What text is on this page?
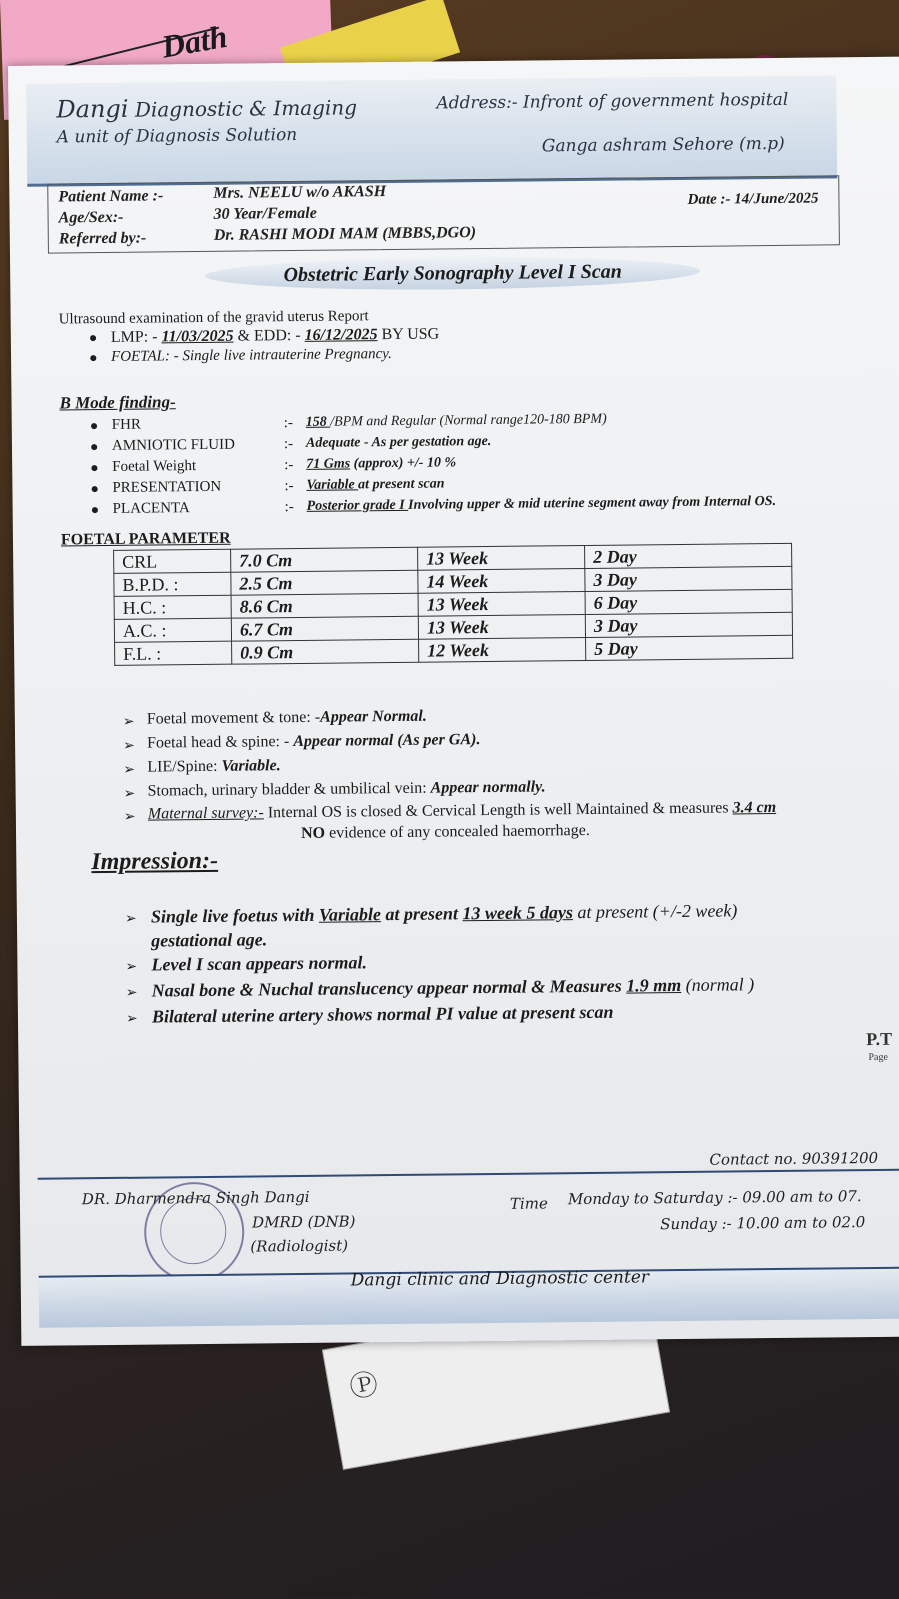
Dath
Ⓟ
Dangi Diagnostic & Imaging
A unit of Diagnosis Solution
Address:- Infront of government hospital
Ganga ashram Sehore (m.p)
Patient Name :-	Mrs. NEELU w/o AKASH
Age/Sex:-	30 Year/Female
Referred by:-	Dr. RASHI MODI MAM (MBBS,DGO)
Date :- 14/June/2025
Obstetric Early Sonography Level I Scan
Ultrasound examination of the gravid uterus Report
● LMP: - 11/03/2025 & EDD: - 16/12/2025 BY USG
● FOETAL: - Single live intrauterine Pregnancy.
B Mode finding-
● FHR	:- 158 /BPM and Regular (Normal range120-180 BPM)
● AMNIOTIC FLUID	:- Adequate - As per gestation age.
● Foetal Weight	:- 71 Gms (approx) +/- 10 %
● PRESENTATION	:- Variable at present scan
● PLACENTA	:- Posterior grade I Involving upper & mid uterine segment away from Internal OS.
FOETAL PARAMETER
CRL	7.0 Cm	13 Week	2 Day
B.P.D. :	2.5 Cm	14 Week	3 Day
H.C. :	8.6 Cm	13 Week	6 Day
A.C. :	6.7 Cm	13 Week	3 Day
F.L. :	0.9 Cm	12 Week	5 Day
➢ Foetal movement & tone: -Appear Normal.
➢ Foetal head & spine: - Appear normal (As per GA).
➢ LIE/Spine: Variable.
➢ Stomach, urinary bladder & umbilical vein: Appear normally.
➢ Maternal survey:- Internal OS is closed & Cervical Length is well Maintained & measures 3.4 cm
NO evidence of any concealed haemorrhage.
Impression:-
➢ Single live foetus with Variable at present 13 week 5 days at present (+/-2 week)
gestational age.
➢ Level I scan appears normal.
➢ Nasal bone & Nuchal translucency appear normal & Measures 1.9 mm (normal )
➢ Bilateral uterine artery shows normal PI value at present scan
P.T
Page
DR. Dharmendra Singh Dangi
DMRD (DNB)
(Radiologist)
Contact no. 90391200
Time Monday to Saturday :- 09.00 am to 07.
Sunday :- 10.00 am to 02.0
Dangi clinic and Diagnostic center
